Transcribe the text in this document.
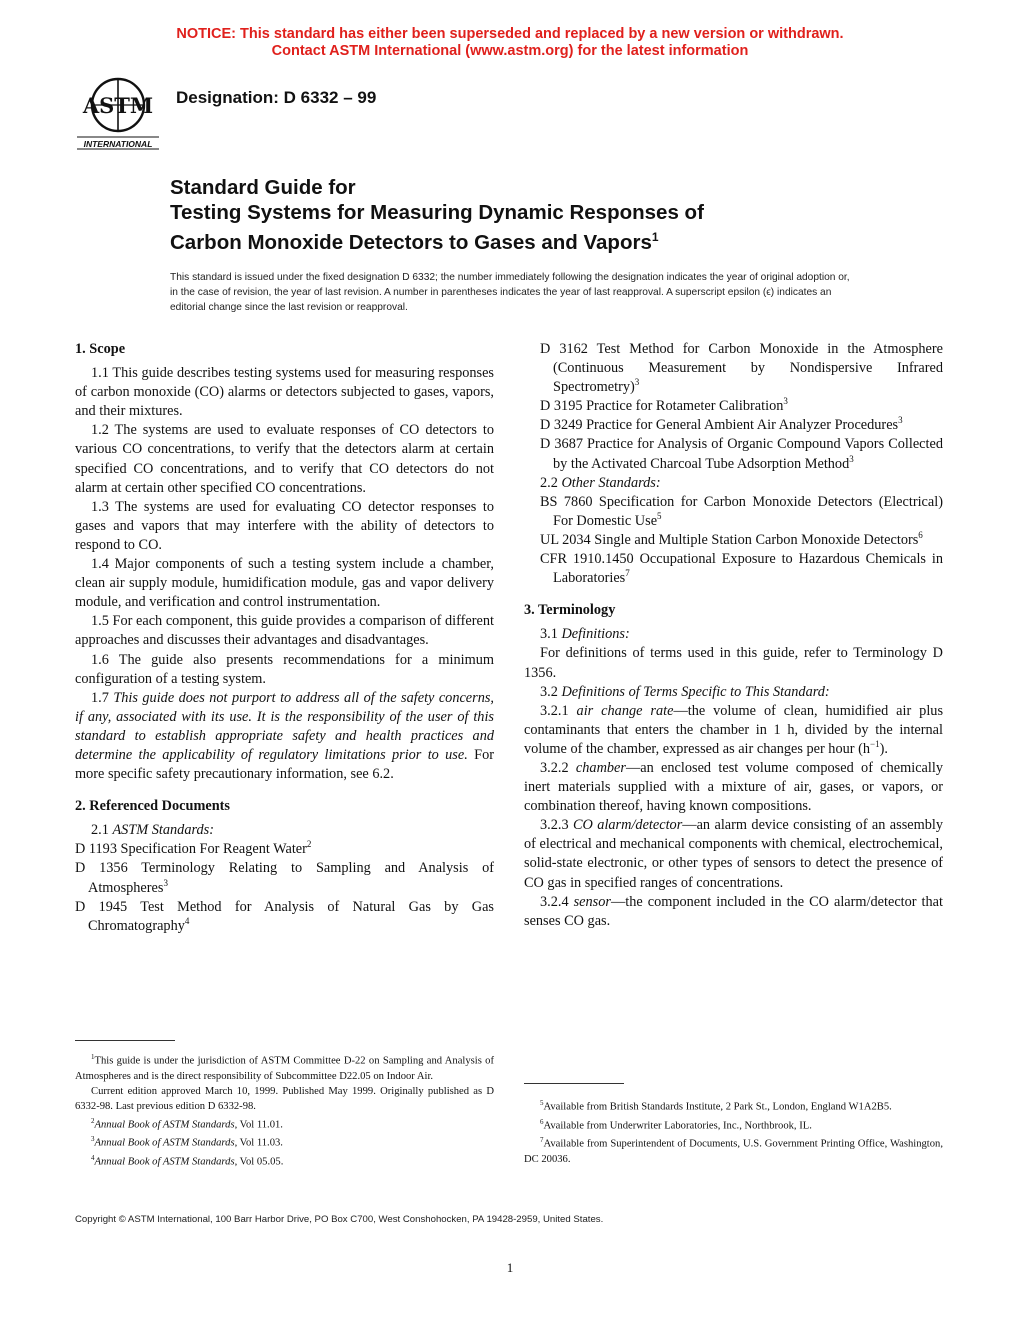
NOTICE: This standard has either been superseded and replaced by a new version or withdrawn.
Contact ASTM International (www.astm.org) for the latest information
ASTM
INTERNATIONAL
Designation: D 6332 – 99
Standard Guide for
Testing Systems for Measuring Dynamic Responses of
Carbon Monoxide Detectors to Gases and Vapors$^1$
This standard is issued under the fixed designation D 6332; the number immediately following the designation indicates the year of original adoption or, in the case of revision, the year of last revision. A number in parentheses indicates the year of last reapproval. A superscript epsilon (ϵ) indicates an editorial change since the last revision or reapproval.
1. Scope

1.1 This guide describes testing systems used for measuring responses of carbon monoxide (CO) alarms or detectors subjected to gases, vapors, and their mixtures.

1.2 The systems are used to evaluate responses of CO detectors to various CO concentrations, to verify that the detectors alarm at certain specified CO concentrations, and to verify that CO detectors do not alarm at certain other specified CO concentrations.

1.3 The systems are used for evaluating CO detector responses to gases and vapors that may interfere with the ability of detectors to respond to CO.

1.4 Major components of such a testing system include a chamber, clean air supply module, humidification module, gas and vapor delivery module, and verification and control instrumentation.

1.5 For each component, this guide provides a comparison of different approaches and discusses their advantages and disadvantages.

1.6 The guide also presents recommendations for a minimum configuration of a testing system.

1.7 This guide does not purport to address all of the safety concerns, if any, associated with its use. It is the responsibility of the user of this standard to establish appropriate safety and health practices and determine the applicability of regulatory limitations prior to use. For more specific safety precautionary information, see 6.2.

2. Referenced Documents

2.1 ASTM Standards:

D 1193 Specification For Reagent Water$^2$

D 1356 Terminology Relating to Sampling and Analysis of Atmospheres$^3$

D 1945 Test Method for Analysis of Natural Gas by Gas Chromatography$^4$

$^1$This guide is under the jurisdiction of ASTM Committee D-22 on Sampling and Analysis of Atmospheres and is the direct responsibility of Subcommittee D22.05 on Indoor Air.

Current edition approved March 10, 1999. Published May 1999. Originally published as D 6332-98. Last previous edition D 6332-98.

$^2$Annual Book of ASTM Standards, Vol 11.01.

$^3$Annual Book of ASTM Standards, Vol 11.03.

$^4$Annual Book of ASTM Standards, Vol 05.05.

D 3162 Test Method for Carbon Monoxide in the Atmosphere (Continuous Measurement by Nondispersive Infrared Spectrometry)$^3$

D 3195 Practice for Rotameter Calibration$^3$

D 3249 Practice for General Ambient Air Analyzer Procedures$^3$

D 3687 Practice for Analysis of Organic Compound Vapors Collected by the Activated Charcoal Tube Adsorption Method$^3$

2.2 Other Standards:

BS 7860 Specification for Carbon Monoxide Detectors (Electrical) For Domestic Use$^5$

UL 2034 Single and Multiple Station Carbon Monoxide Detectors$^6$

CFR 1910.1450 Occupational Exposure to Hazardous Chemicals in Laboratories$^7$

3. Terminology

3.1 Definitions:

For definitions of terms used in this guide, refer to Terminology D 1356.

3.2 Definitions of Terms Specific to This Standard:

3.2.1 air change rate—the volume of clean, humidified air plus contaminants that enters the chamber in 1 h, divided by the internal volume of the chamber, expressed as air changes per hour $(h^{-1})$.

3.2.2 chamber—an enclosed test volume composed of chemically inert materials supplied with a mixture of air, gases, or vapors, or combination thereof, having known compositions.

3.2.3 CO alarm/detector—an alarm device consisting of an assembly of electrical and mechanical components with chemical, electrochemical, solid-state electronic, or other types of sensors to detect the presence of CO gas in specified ranges of concentrations.

3.2.4 sensor—the component included in the CO alarm/detector that senses CO gas.

$^5$Available from British Standards Institute, 2 Park St., London, England W1A2B5.

$^6$Available from Underwriter Laboratories, Inc., Northbrook, IL.

$^7$Available from Superintendent of Documents, U.S. Government Printing Office, Washington, DC 20036.

Copyright © ASTM International, 100 Barr Harbor Drive, PO Box C700, West Conshohocken, PA 19428-2959, United States.
1
